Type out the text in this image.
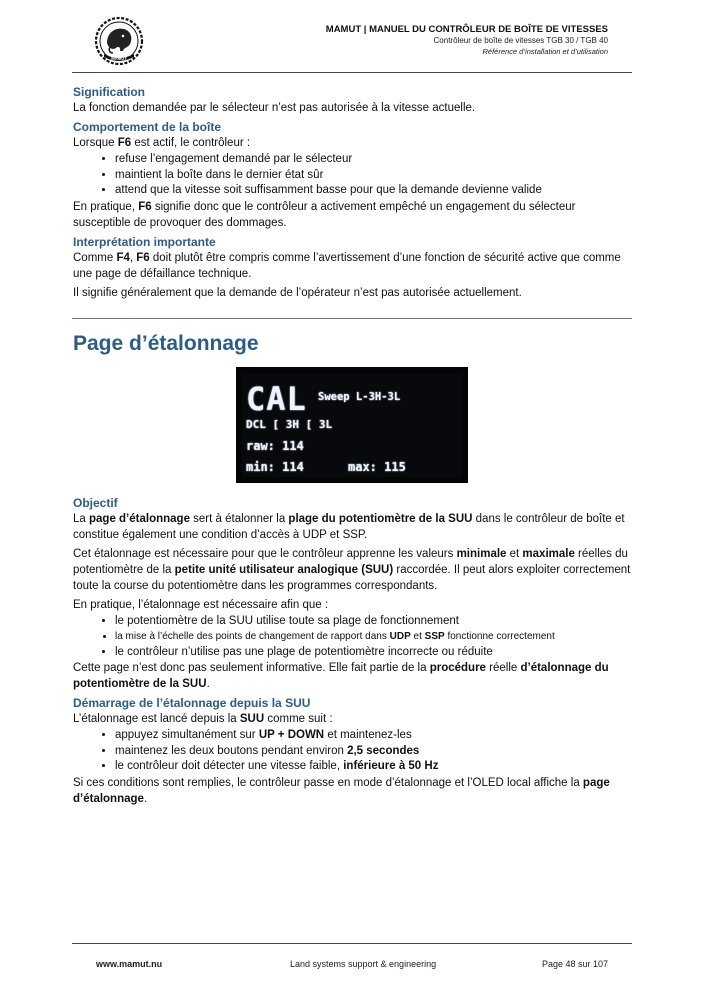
MAMUT
MAMUT | MANUEL DU CONTRÔLEUR DE BOÎTE DE VITESSES
Contrôleur de boîte de vitesses TGB 30 / TGB 40
Référence d’installation et d’utilisation
Signification

La fonction demandée par le sélecteur n’est pas autorisée à la vitesse actuelle.

Comportement de la boîte

Lorsque F6 est actif, le contrôleur :

• refuse l’engagement demandé par le sélecteur
• maintient la boîte dans le dernier état sûr
• attend que la vitesse soit suffisamment basse pour que la demande devienne valide

En pratique, F6 signifie donc que le contrôleur a activement empêché un engagement du sélecteur susceptible de provoquer des dommages.

Interprétation importante

Comme F4, F6 doit plutôt être compris comme l’avertissement d’une fonction de sécurité active que comme une page de défaillance technique.

Il signifie généralement que la demande de l’opérateur n’est pas autorisée actuellement.

Page d’étalonnage
CAL Sweep L-3H-3L
DCL [ 3H [ 3L
raw: 114
min: 114	max: 115
Objectif

La page d’étalonnage sert à étalonner la plage du potentiomètre de la SUU dans le contrôleur de boîte et constitue également une condition d’accès à UDP et SSP.

Cet étalonnage est nécessaire pour que le contrôleur apprenne les valeurs minimale et maximale réelles du potentiomètre de la petite unité utilisateur analogique (SUU) raccordée. Il peut alors exploiter correctement toute la course du potentiomètre dans les programmes correspondants.

En pratique, l’étalonnage est nécessaire afin que :

• le potentiomètre de la SUU utilise toute sa plage de fonctionnement
• la mise à l’échelle des points de changement de rapport dans UDP et SSP fonctionne correctement
• le contrôleur n’utilise pas une plage de potentiomètre incorrecte ou réduite

Cette page n’est donc pas seulement informative. Elle fait partie de la procédure réelle d’étalonnage du potentiomètre de la SUU.

Démarrage de l’étalonnage depuis la SUU

L’étalonnage est lancé depuis la SUU comme suit :

• appuyez simultanément sur UP + DOWN et maintenez-les
• maintenez les deux boutons pendant environ 2,5 secondes
• le contrôleur doit détecter une vitesse faible, inférieure à 50 Hz

Si ces conditions sont remplies, le contrôleur passe en mode d’étalonnage et l’OLED local affiche la page d’étalonnage.

www.mamut.nu	Land systems support & engineering	Page 48 sur 107
